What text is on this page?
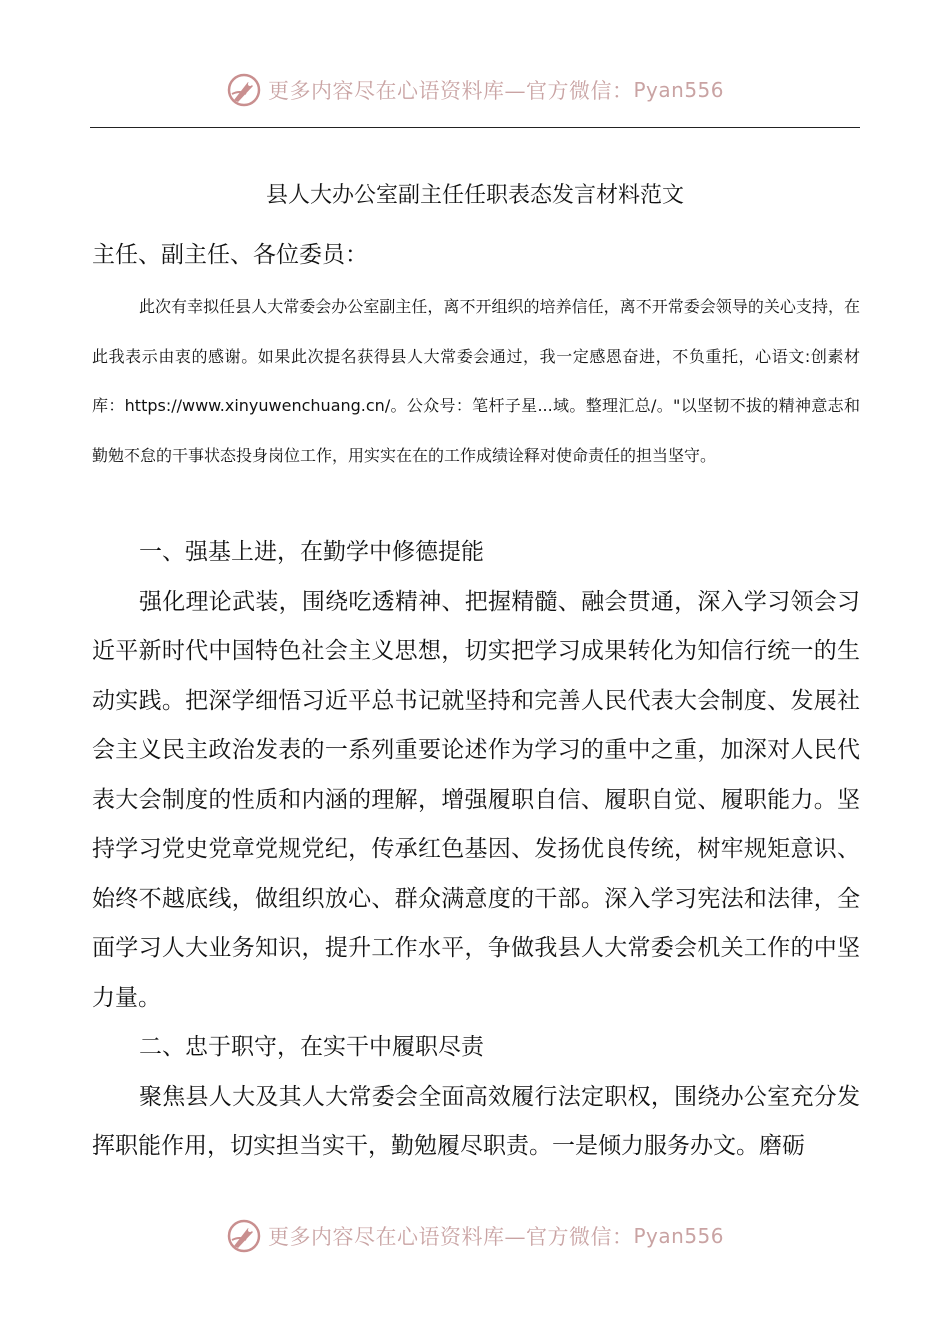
更多内容尽在心语资料库—官方微信： Pyan556
县人大办公室副主任任职表态发言材料范文

主任、副主任、各位委员：

此次有幸拟任县人大常委会办公室副主任，离不开组织的培养信任，离不开常委会领导的关心支持，在此我表示由衷的感谢。如果此次提名获得县人大常委会通过，我一定感恩奋进，不负重托，心语文:创素材库：https://www.xinyuwenchuang.cn/。公众号：笔杆子星...域。整理汇总/。"以坚韧不拔的精神意志和勤勉不怠的干事状态投身岗位工作，用实实在在的工作成绩诠释对使命责任的担当坚守。

一、强基上进，在勤学中修德提能

强化理论武装，围绕吃透精神、把握精髓、融会贯通，深入学习领会习近平新时代中国特色社会主义思想，切实把学习成果转化为知信行统一的生动实践。把深学细悟习近平总书记就坚持和完善人民代表大会制度、发展社会主义民主政治发表的一系列重要论述作为学习的重中之重，加深对人民代表大会制度的性质和内涵的理解，增强履职自信、履职自觉、履职能力。坚持学习党史党章党规党纪，传承红色基因、发扬优良传统，树牢规矩意识、始终不越底线，做组织放心、群众满意度的干部。深入学习宪法和法律，全面学习人大业务知识，提升工作水平，争做我县人大常委会机关工作的中坚力量。

二、忠于职守，在实干中履职尽责

聚焦县人大及其人大常委会全面高效履行法定职权，围绕办公室充分发挥职能作用，切实担当实干，勤勉履尽职责。一是倾力服务办文。磨砺

更多内容尽在心语资料库—官方微信： Pyan556
